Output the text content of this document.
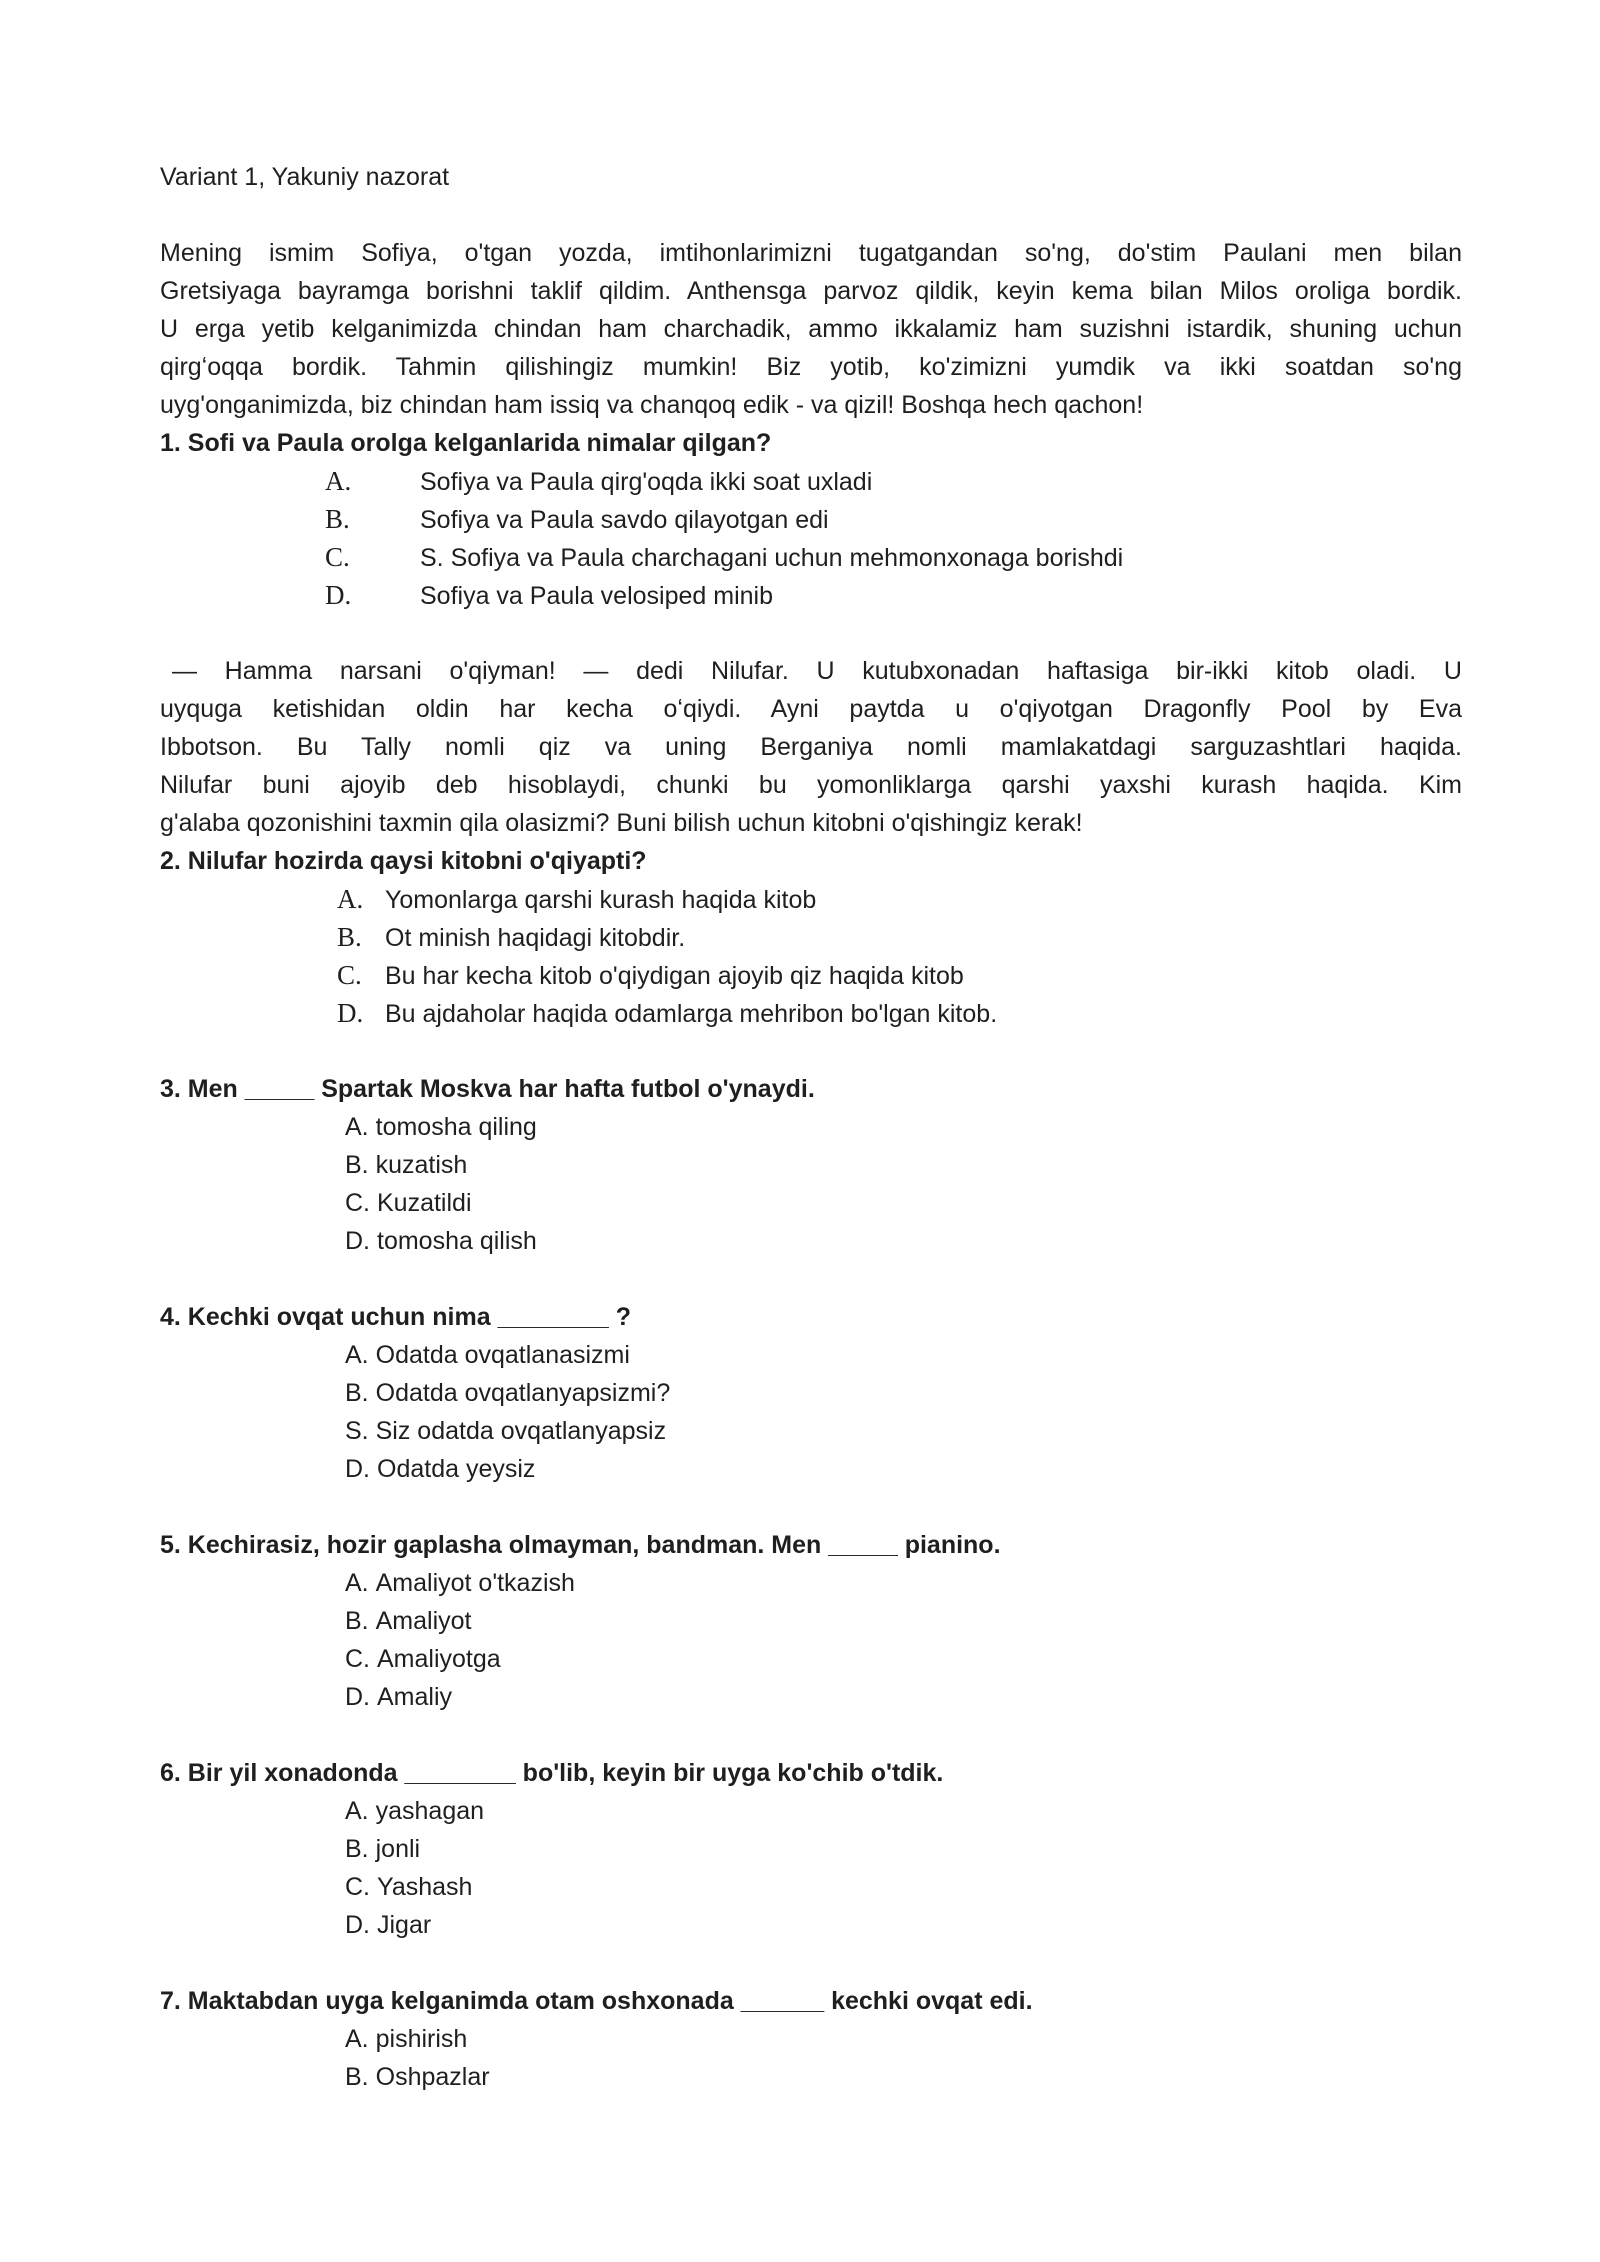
Variant 1, Yakuniy nazorat

Mening ismim Sofiya, o'tgan yozda, imtihonlarimizni tugatgandan so'ng, do'stim Paulani men bilan
Gretsiyaga bayramga borishni taklif qildim. Anthensga parvoz qildik, keyin kema bilan Milos oroliga bordik.
U erga yetib kelganimizda chindan ham charchadik, ammo ikkalamiz ham suzishni istardik, shuning uchun
qirgʻoqqa bordik. Tahmin qilishingiz mumkin! Biz yotib, ko'zimizni yumdik va ikki soatdan so'ng
uyg'onganimizda, biz chindan ham issiq va chanqoq edik - va qizil! Boshqa hech qachon!

1. Sofi va Paula orolga kelganlarida nimalar qilgan?

A.	Sofiya va Paula qirg'oqda ikki soat uxladi
B.	Sofiya va Paula savdo qilayotgan edi
C.	S. Sofiya va Paula charchagani uchun mehmonxonaga borishdi
D.	Sofiya va Paula velosiped minib
— Hamma narsani o'qiyman! — dedi Nilufar. U kutubxonadan haftasiga bir-ikki kitob oladi. U
uyquga ketishidan oldin har kecha oʻqiydi. Ayni paytda u o'qiyotgan Dragonfly Pool by Eva
Ibbotson. Bu Tally nomli qiz va uning Berganiya nomli mamlakatdagi sarguzashtlari haqida.
Nilufar buni ajoyib deb hisoblaydi, chunki bu yomonliklarga qarshi yaxshi kurash haqida. Kim
g'alaba qozonishini taxmin qila olasizmi? Buni bilish uchun kitobni o'qishingiz kerak!

2. Nilufar hozirda qaysi kitobni o'qiyapti?

A. Yomonlarga qarshi kurash haqida kitob
B. Ot minish haqidagi kitobdir.
C. Bu har kecha kitob o'qiydigan ajoyib qiz haqida kitob
D. Bu ajdaholar haqida odamlarga mehribon bo'lgan kitob.

3. Men _____ Spartak Moskva har hafta futbol o'ynaydi.

A. tomosha qiling
B. kuzatish
C. Kuzatildi
D. tomosha qilish

4. Kechki ovqat uchun nima ________ ?

A. Odatda ovqatlanasizmi
B. Odatda ovqatlanyapsizmi?
S. Siz odatda ovqatlanyapsiz
D. Odatda yeysiz

5. Kechirasiz, hozir gaplasha olmayman, bandman. Men _____ pianino.

A. Amaliyot o'tkazish
B. Amaliyot
C. Amaliyotga
D. Amaliy

6. Bir yil xonadonda ________ bo'lib, keyin bir uyga ko'chib o'tdik.

A. yashagan
B. jonli
C. Yashash
D. Jigar

7. Maktabdan uyga kelganimda otam oshxonada ______ kechki ovqat edi.

A. pishirish
B. Oshpazlar
